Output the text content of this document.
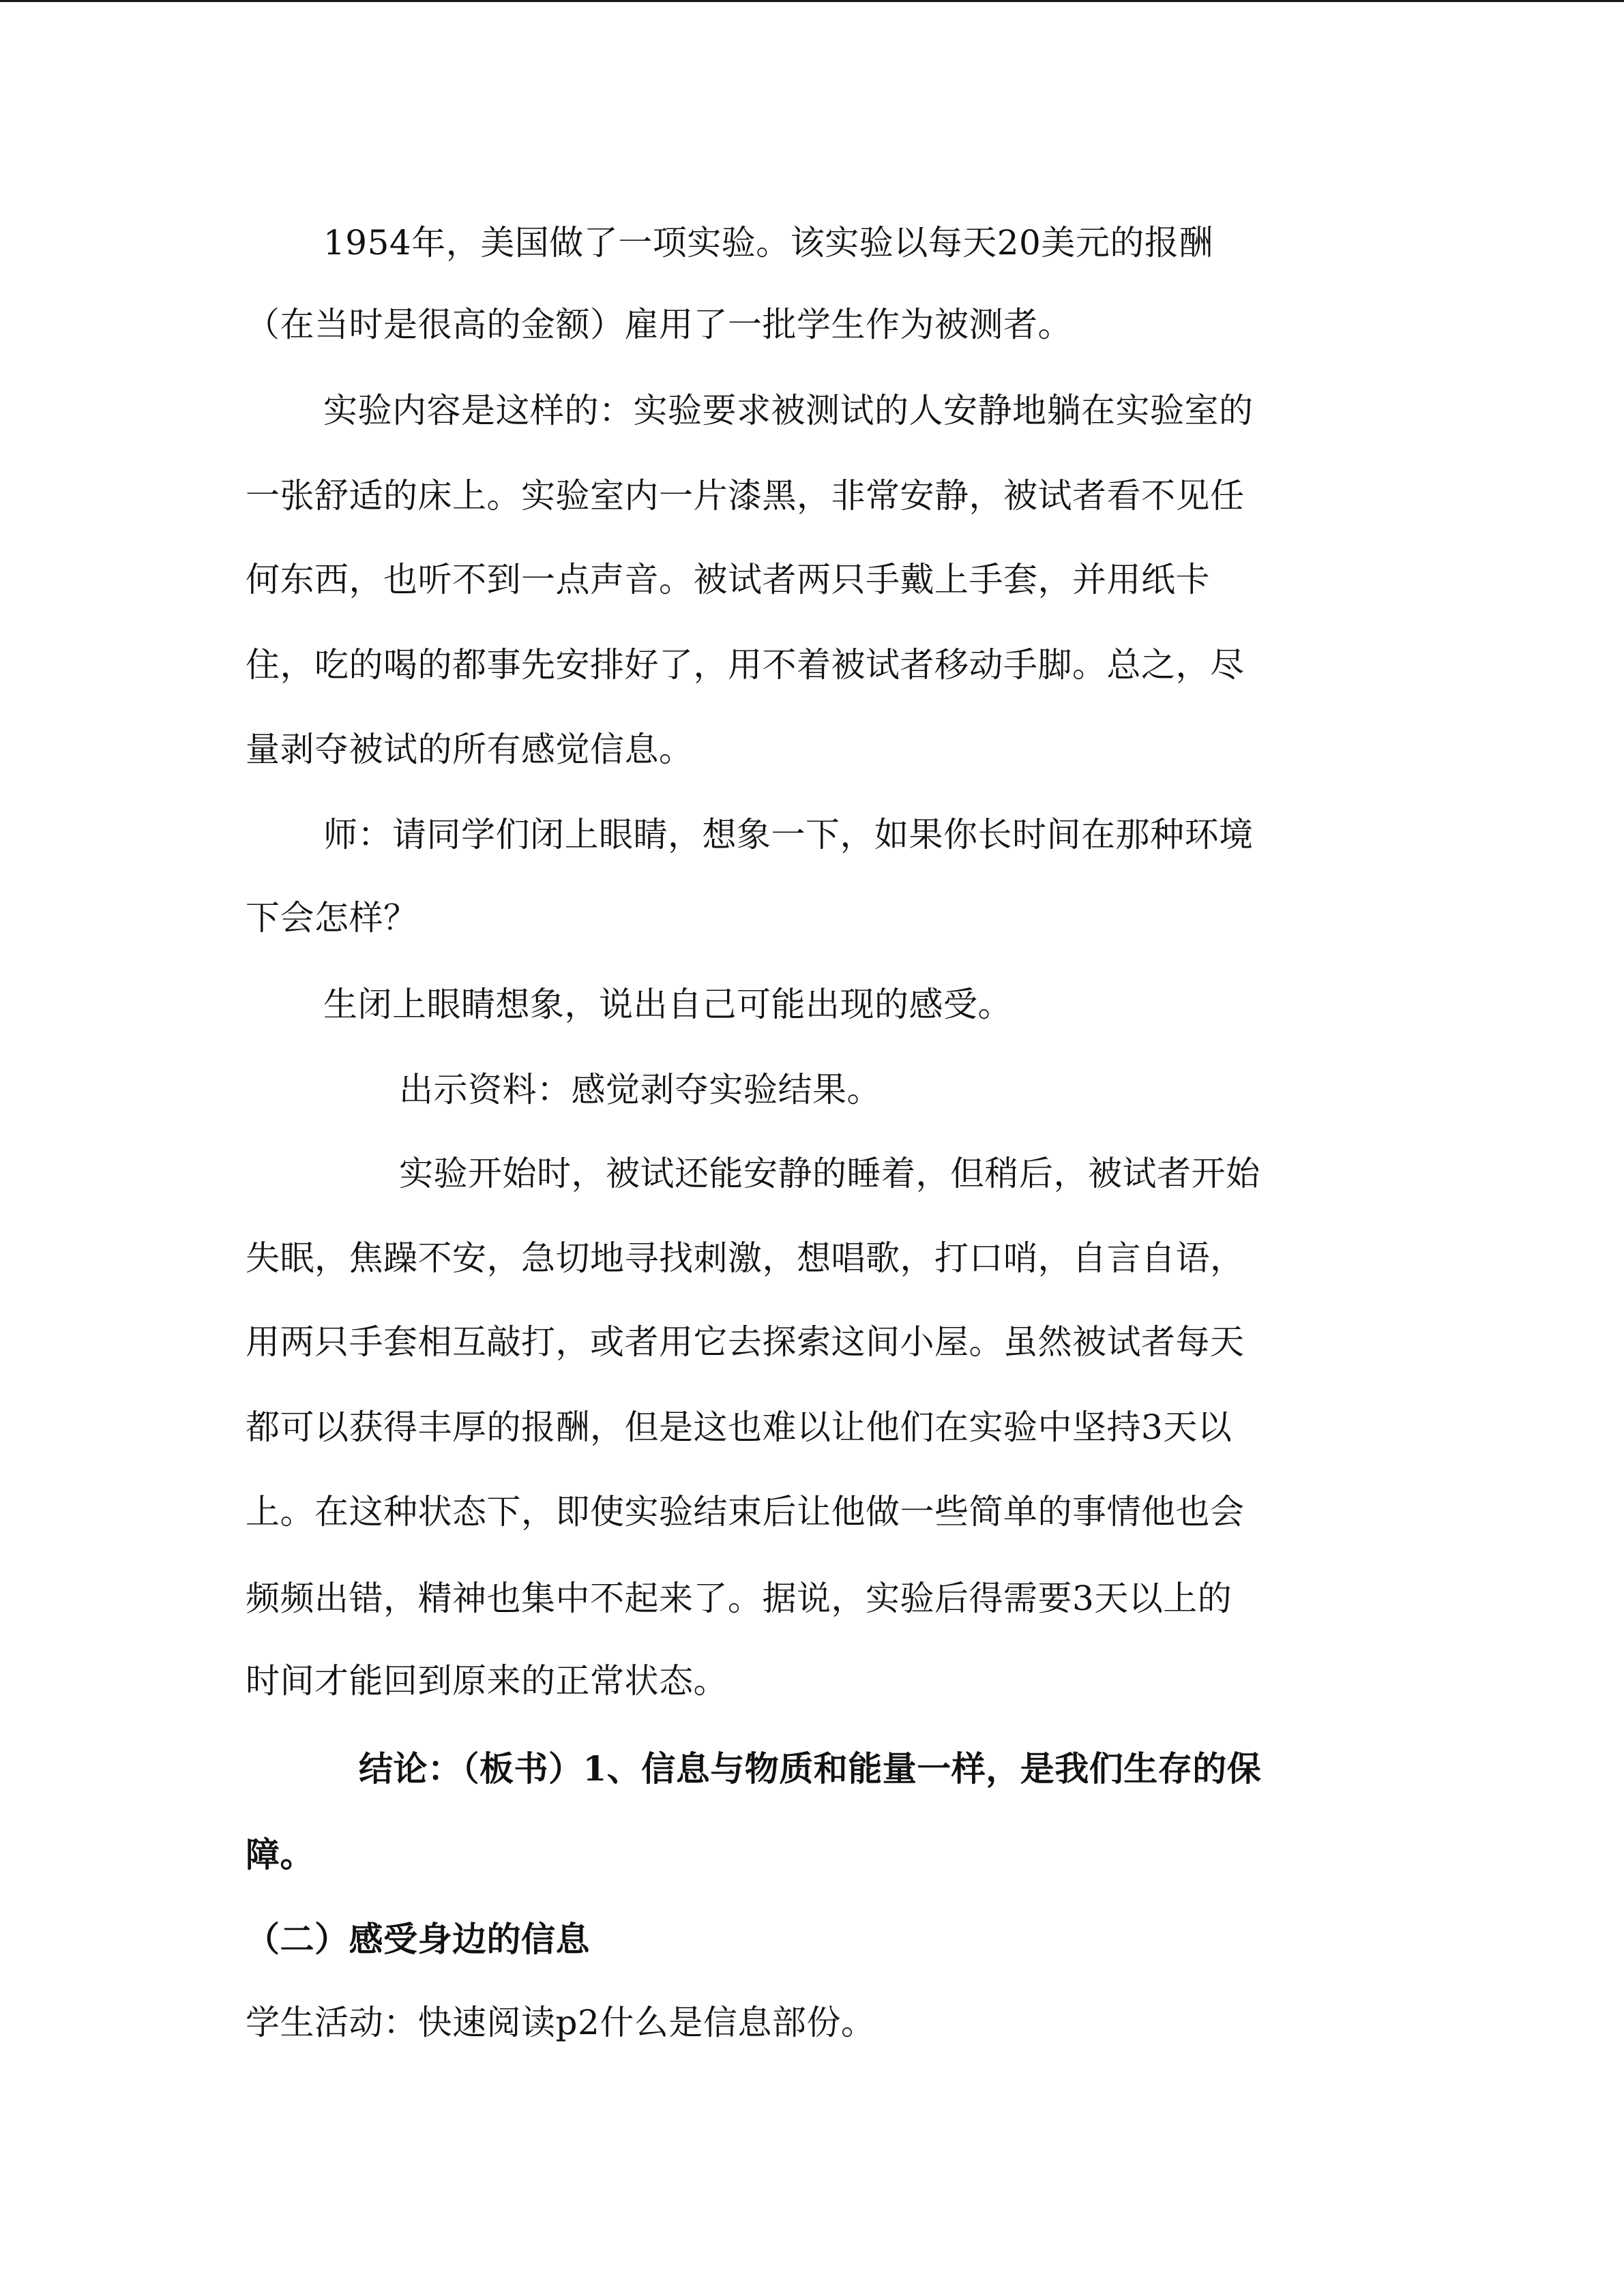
1954年，美国做了一项实验。该实验以每天20美元的报酬
（在当时是很高的金额）雇用了一批学生作为被测者。
实验内容是这样的：实验要求被测试的人安静地躺在实验室的
一张舒适的床上。实验室内一片漆黑，非常安静，被试者看不见任
何东西，也听不到一点声音。被试者两只手戴上手套，并用纸卡
住，吃的喝的都事先安排好了，用不着被试者移动手脚。总之，尽
量剥夺被试的所有感觉信息。
师：请同学们闭上眼睛，想象一下，如果你长时间在那种环境
下会怎样？
生闭上眼睛想象，说出自己可能出现的感受。
出示资料：感觉剥夺实验结果。
实验开始时，被试还能安静的睡着，但稍后，被试者开始
失眠，焦躁不安，急切地寻找刺激，想唱歌，打口哨，自言自语，
用两只手套相互敲打，或者用它去探索这间小屋。虽然被试者每天
都可以获得丰厚的报酬，但是这也难以让他们在实验中坚持3天以
上。在这种状态下，即使实验结束后让他做一些简单的事情他也会
频频出错，精神也集中不起来了。据说，实验后得需要3天以上的
时间才能回到原来的正常状态。
结论：（板书）1、信息与物质和能量一样，是我们生存的保
障。
（二）感受身边的信息
学生活动：快速阅读p2什么是信息部份。
